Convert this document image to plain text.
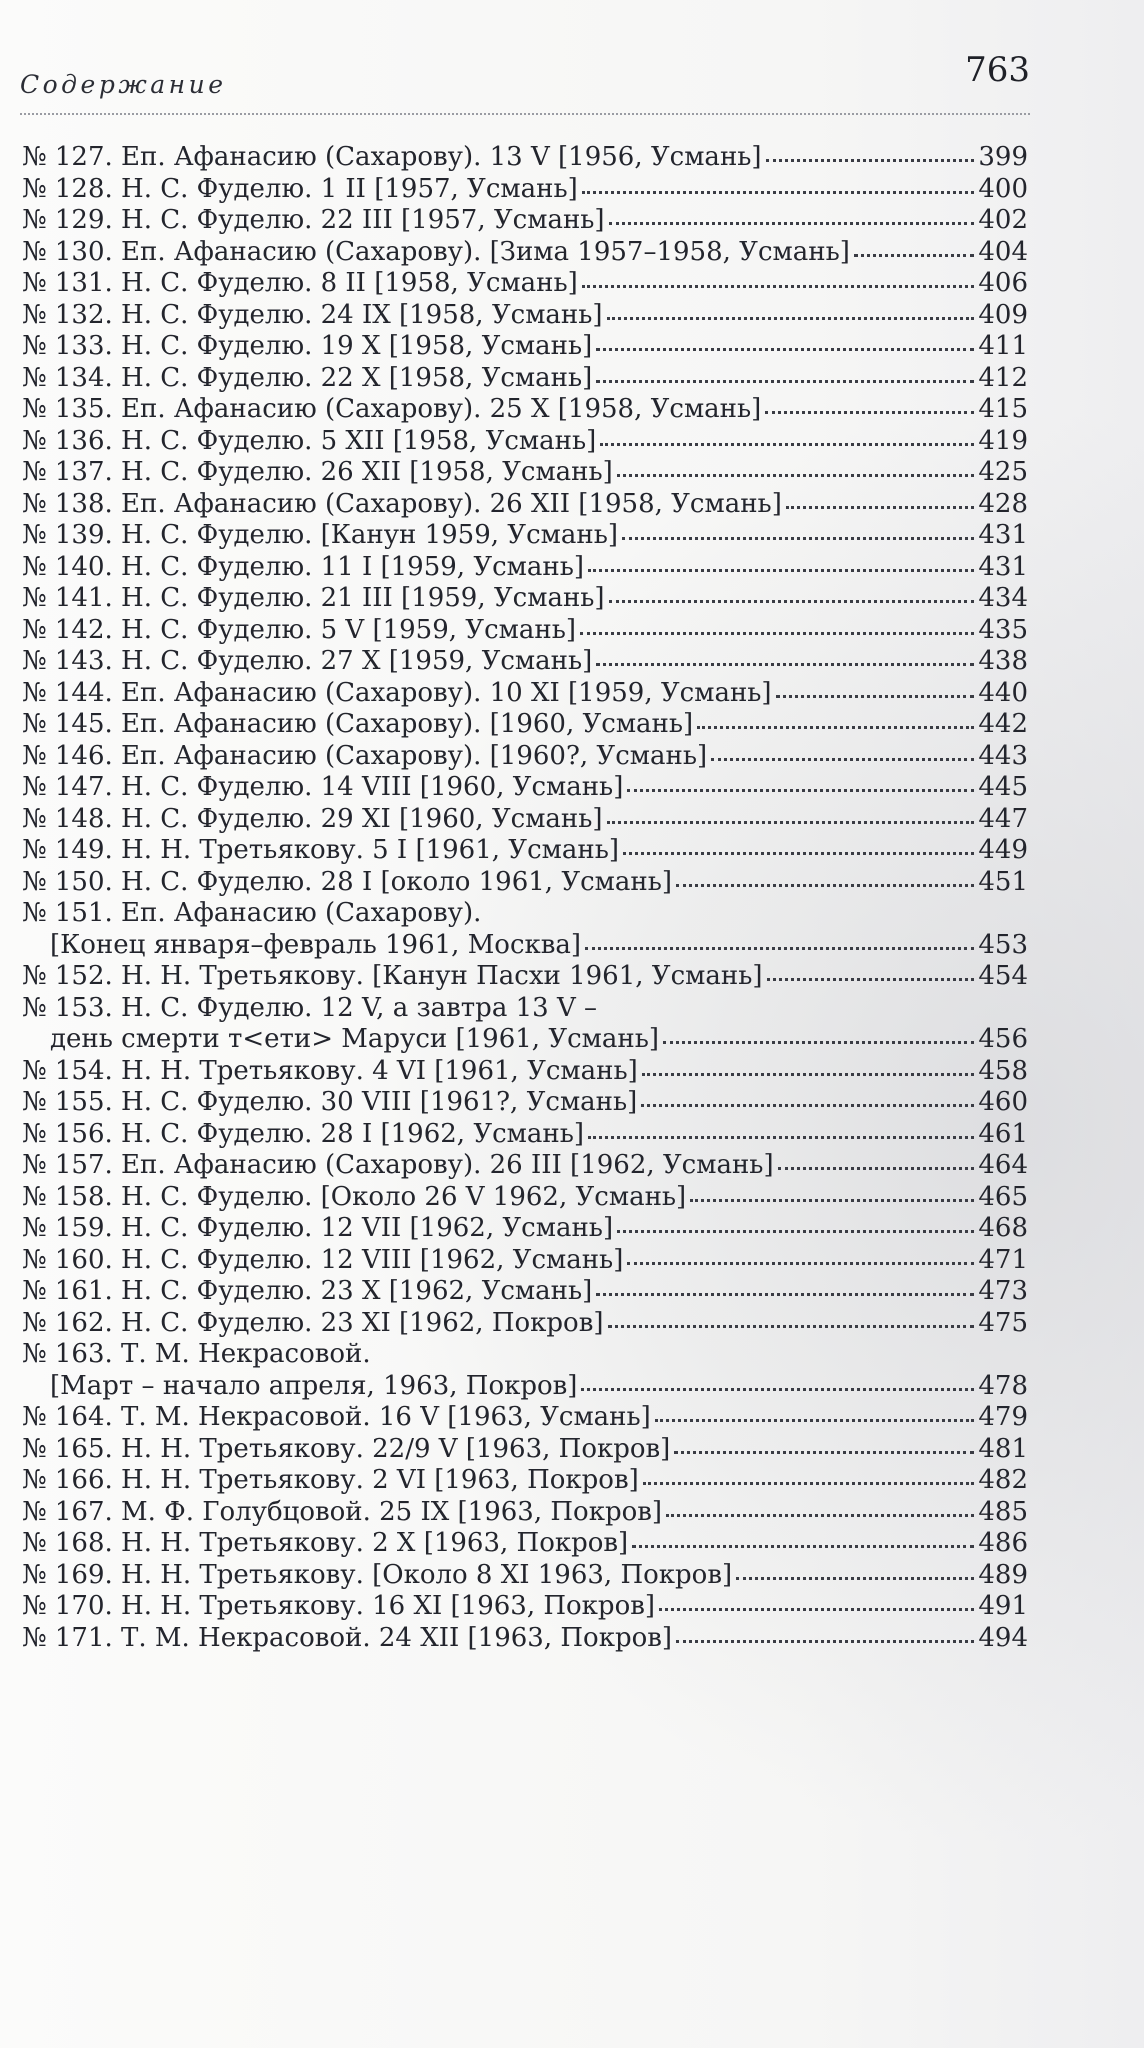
Содержание	763
№ 127. Еп. Афанасию (Сахарову). 13 V [1956, Усмань]	399
№ 128. Н. С. Фуделю. 1 II [1957, Усмань]	400
№ 129. Н. С. Фуделю. 22 III [1957, Усмань]	402
№ 130. Еп. Афанасию (Сахарову). [Зима 1957–1958, Усмань]	404
№ 131. Н. С. Фуделю. 8 II [1958, Усмань]	406
№ 132. Н. С. Фуделю. 24 IX [1958, Усмань]	409
№ 133. Н. С. Фуделю. 19 X [1958, Усмань]	411
№ 134. Н. С. Фуделю. 22 X [1958, Усмань]	412
№ 135. Еп. Афанасию (Сахарову). 25 X [1958, Усмань]	415
№ 136. Н. С. Фуделю. 5 XII [1958, Усмань]	419
№ 137. Н. С. Фуделю. 26 XII [1958, Усмань]	425
№ 138. Еп. Афанасию (Сахарову). 26 XII [1958, Усмань]	428
№ 139. Н. С. Фуделю. [Канун 1959, Усмань]	431
№ 140. Н. С. Фуделю. 11 I [1959, Усмань]	431
№ 141. Н. С. Фуделю. 21 III [1959, Усмань]	434
№ 142. Н. С. Фуделю. 5 V [1959, Усмань]	435
№ 143. Н. С. Фуделю. 27 X [1959, Усмань]	438
№ 144. Еп. Афанасию (Сахарову). 10 XI [1959, Усмань]	440
№ 145. Еп. Афанасию (Сахарову). [1960, Усмань]	442
№ 146. Еп. Афанасию (Сахарову). [1960?, Усмань]	443
№ 147. Н. С. Фуделю. 14 VIII [1960, Усмань]	445
№ 148. Н. С. Фуделю. 29 XI [1960, Усмань]	447
№ 149. Н. Н. Третьякову. 5 I [1961, Усмань]	449
№ 150. Н. С. Фуделю. 28 I [около 1961, Усмань]	451
№ 151. Еп. Афанасию (Сахарову).
[Конец января–февраль 1961, Москва]	453
№ 152. Н. Н. Третьякову. [Канун Пасхи 1961, Усмань]	454
№ 153. Н. С. Фуделю. 12 V, а завтра 13 V –
день смерти т<ети> Маруси [1961, Усмань]	456
№ 154. Н. Н. Третьякову. 4 VI [1961, Усмань]	458
№ 155. Н. С. Фуделю. 30 VIII [1961?, Усмань]	460
№ 156. Н. С. Фуделю. 28 I [1962, Усмань]	461
№ 157. Еп. Афанасию (Сахарову). 26 III [1962, Усмань]	464
№ 158. Н. С. Фуделю. [Около 26 V 1962, Усмань]	465
№ 159. Н. С. Фуделю. 12 VII [1962, Усмань]	468
№ 160. Н. С. Фуделю. 12 VIII [1962, Усмань]	471
№ 161. Н. С. Фуделю. 23 X [1962, Усмань]	473
№ 162. Н. С. Фуделю. 23 XI [1962, Покров]	475
№ 163. Т. М. Некрасовой.
[Март – начало апреля, 1963, Покров]	478
№ 164. Т. М. Некрасовой. 16 V [1963, Усмань]	479
№ 165. Н. Н. Третьякову. 22/9 V [1963, Покров]	481
№ 166. Н. Н. Третьякову. 2 VI [1963, Покров]	482
№ 167. М. Ф. Голубцовой. 25 IX [1963, Покров]	485
№ 168. Н. Н. Третьякову. 2 X [1963, Покров]	486
№ 169. Н. Н. Третьякову. [Около 8 XI 1963, Покров]	489
№ 170. Н. Н. Третьякову. 16 XI [1963, Покров]	491
№ 171. Т. М. Некрасовой. 24 XII [1963, Покров]	494
